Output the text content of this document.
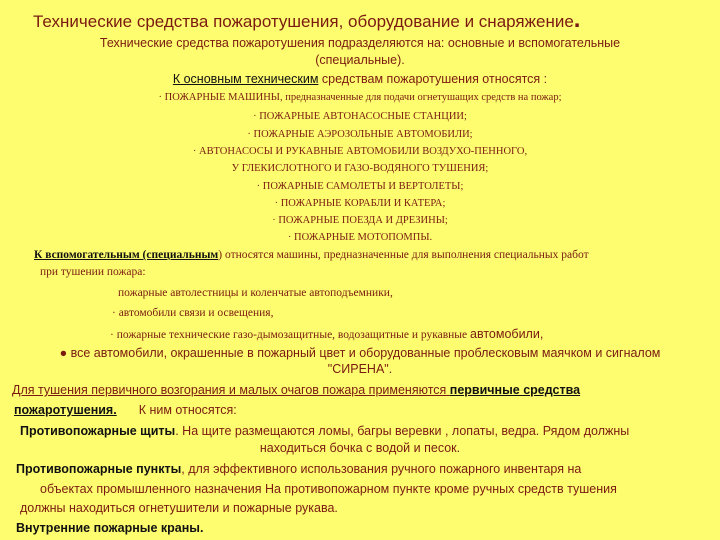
Технические средства пожаротушения, оборудование и снаряжение.
Технические средства пожаротушения подразделяются на: основные и вспомогательные
(специальные).
К основным техническим средствам пожаротушения относятся :
· ПОЖАРНЫЕ МАШИНЫ, предназначенные для подачи огнетушащих средств на пожар;
· ПОЖАРНЫЕ АВТОНАСОСНЫЕ СТАНЦИИ;
· ПОЖАРНЫЕ АЭРОЗОЛЬНЫЕ АВТОМОБИЛИ;
· АВТОНАСОСЫ И РУКАВНЫЕ АВТОМОБИЛИ ВОЗДУХО-ПЕННОГО,
У ГЛЕКИСЛОТНОГО И ГАЗО-ВОДЯНОГО ТУШЕНИЯ;
· ПОЖАРНЫЕ САМОЛЕТЫ И ВЕРТОЛЕТЫ;
· ПОЖАРНЫЕ КОРАБЛИ И КАТЕРА;
· ПОЖАРНЫЕ ПОЕЗДА И ДРЕЗИНЫ;
· ПОЖАРНЫЕ МОТОПОМПЫ.
К вспомогательным (специальным) относятся машины, предназначенные для выполнения специальных работ
при тушении пожара:
пожарные автолестницы и коленчатые автоподъемники,
· автомобили связи и освещения,
· пожарные технические газо-дымозащитные, водозащитные и рукавные автомобили,
● все автомобили, окрашенные в пожарный цвет и оборудованные проблесковым маячком и сигналом
"СИРЕНА".
Для тушения первичного возгорания и малых очагов пожара применяются первичные средства
пожаротушения. К ним относятся:
Противопожарные щиты. На щите размещаются ломы, багры веревки , лопаты, ведра. Рядом должны
находиться бочка с водой и песок.
Противопожарные пункты, для эффективного использования ручного пожарного инвентаря на
объектах промышленного назначения На противопожарном пункте кроме ручных средств тушения
должны находиться огнетушители и пожарные рукава.
Внутренние пожарные краны.
